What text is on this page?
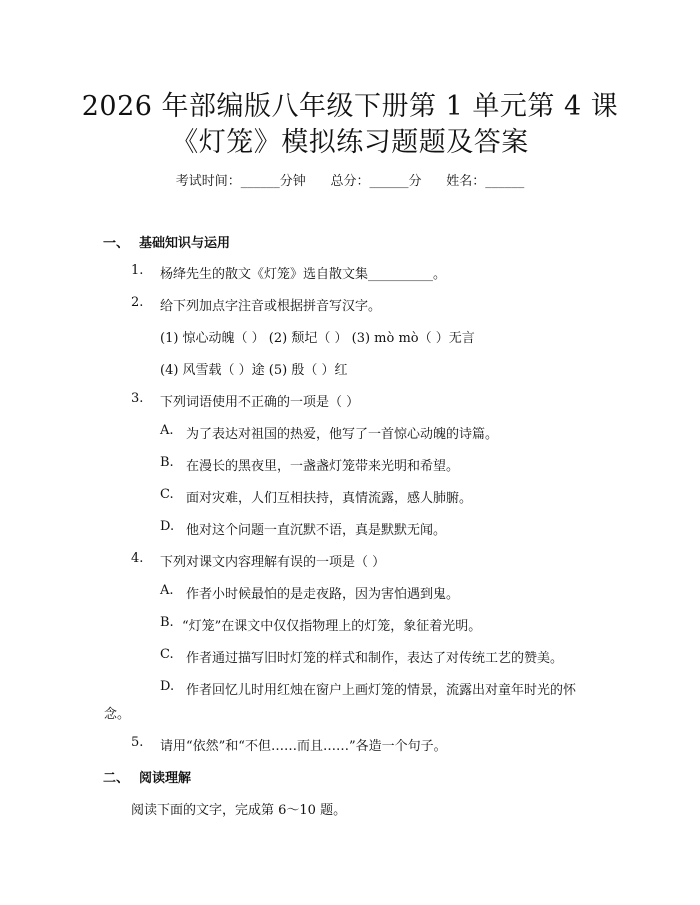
2026 年部编版八年级下册第 1 单元第 4 课
《灯笼》模拟练习题题及答案
考试时间：______分钟      总分：______分      姓名：______
一、 基础知识与运用
1. 杨绛先生的散文《灯笼》选自散文集__________。
2. 给下列加点字注音或根据拼音写汉字。
(1) 惊心动魄（ ） (2) 颓圮（ ） (3) mò mò（ ）无言
(4) 风雪载（ ）途 (5) 殷（ ）红
3. 下列词语使用不正确的一项是（ ）
A. 为了表达对祖国的热爱，他写了一首惊心动魄的诗篇。
B. 在漫长的黑夜里，一盏盏灯笼带来光明和希望。
C. 面对灾难，人们互相扶持，真情流露，感人肺腑。
D. 他对这个问题一直沉默不语，真是默默无闻。
4. 下列对课文内容理解有误的一项是（ ）
A. 作者小时候最怕的是走夜路，因为害怕遇到鬼。
B. “灯笼”在课文中仅仅指物理上的灯笼，象征着光明。
C. 作者通过描写旧时灯笼的样式和制作，表达了对传统工艺的赞美。
D. 作者回忆儿时用红烛在窗户上画灯笼的情景，流露出对童年时光的怀
念。
5. 请用“依然”和“不但……而且……”各造一个句子。
二、 阅读理解
阅读下面的文字，完成第 6～10 题。
